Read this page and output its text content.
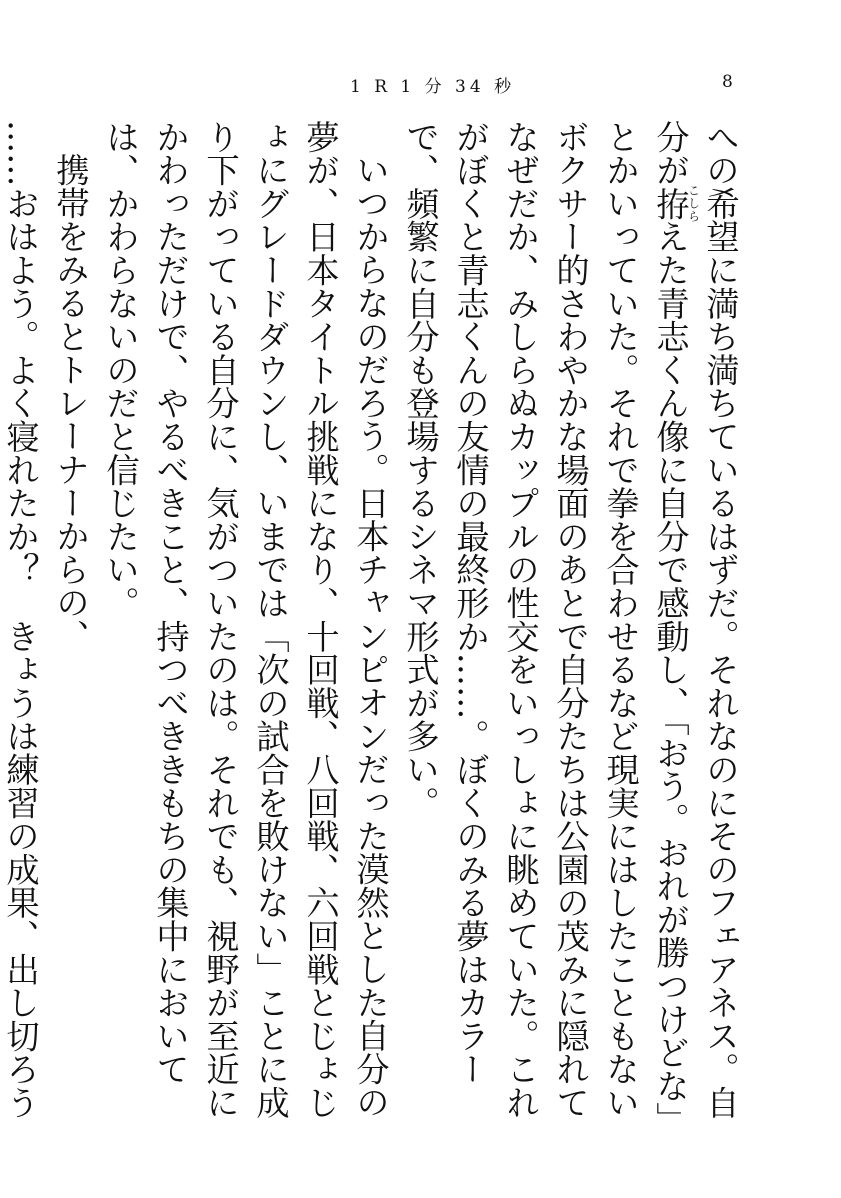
1 R 1 分 34 秒	8

への希望に満ち満ちているはずだ。それなのにそのフェアネス。自分が拵こしらえた青志くん像に自分で感動し、「おう。おれが勝つけどな」とかいっていた。それで拳を合わせるなど現実にはしたこともないボクサー的さわやかな場面のあとで自分たちは公園の茂みに隠れてなぜだか、みしらぬカップルの性交をいっしょに眺めていた。これがぼくと青志くんの友情の最終形か……。ぼくのみる夢はカラーで、頻繁に自分も登場するシネマ形式が多い。

いつからなのだろう。日本チャンピオンだった漠然とした自分の夢が、日本タイトル挑戦になり、十回戦、八回戦、六回戦とじょじょにグレードダウンし、いまでは「次の試合を敗けない」ことに成り下がっている自分に、気がついたのは。それでも、視野が至近にかわっただけで、やるべきこと、持つべききもちの集中においては、かわらないのだと信じたい。

携帯をみるとトレーナーからの、

……おはよう。よく寝れたか？　きょうは練習の成果、出し切ろう
